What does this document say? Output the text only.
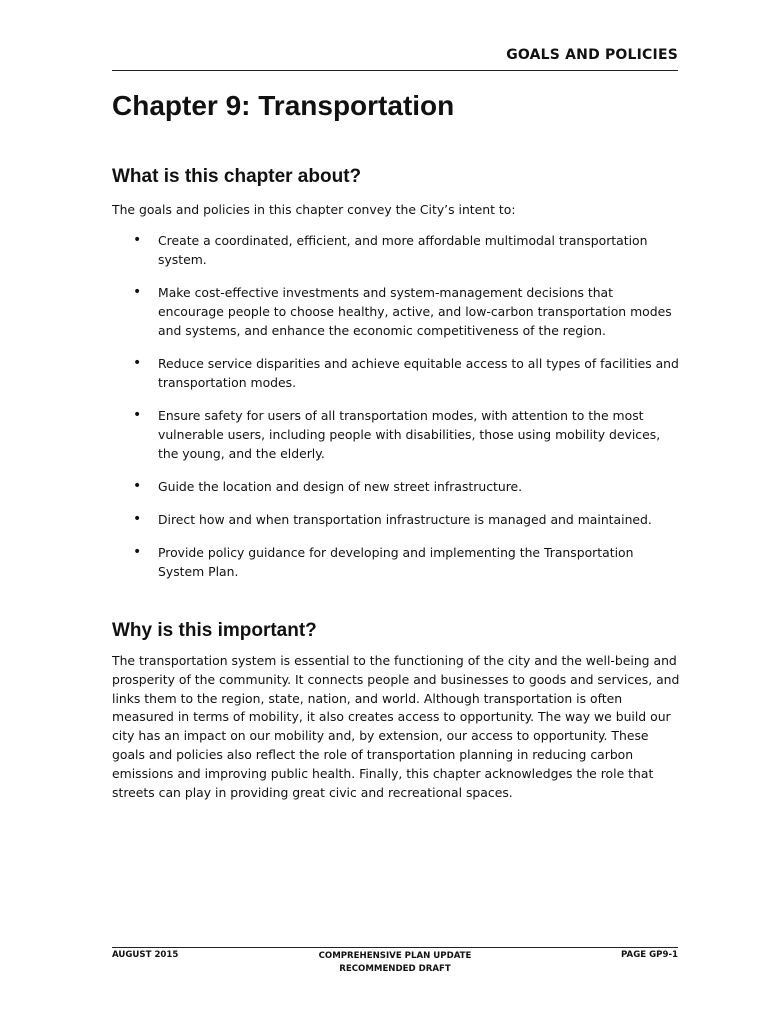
GOALS AND POLICIES
Chapter 9: Transportation
What is this chapter about?

The goals and policies in this chapter convey the City’s intent to:

• Create a coordinated, efficient, and more affordable multimodal transportation system.
• Make cost-effective investments and system-management decisions that encourage people to choose healthy, active, and low-carbon transportation modes and systems, and enhance the economic competitiveness of the region.
• Reduce service disparities and achieve equitable access to all types of facilities and transportation modes.
• Ensure safety for users of all transportation modes, with attention to the most vulnerable users, including people with disabilities, those using mobility devices, the young, and the elderly.
• Guide the location and design of new street infrastructure.
• Direct how and when transportation infrastructure is managed and maintained.
• Provide policy guidance for developing and implementing the Transportation System Plan.
Why is this important?

The transportation system is essential to the functioning of the city and the well-being and prosperity of the community. It connects people and businesses to goods and services, and links them to the region, state, nation, and world. Although transportation is often measured in terms of mobility, it also creates access to opportunity. The way we build our city has an impact on our mobility and, by extension, our access to opportunity. These goals and policies also reflect the role of transportation planning in reducing carbon emissions and improving public health. Finally, this chapter acknowledges the role that streets can play in providing great civic and recreational spaces.

AUGUST 2015	COMPREHENSIVE PLAN UPDATE
RECOMMENDED DRAFT
PAGE GP9-1
